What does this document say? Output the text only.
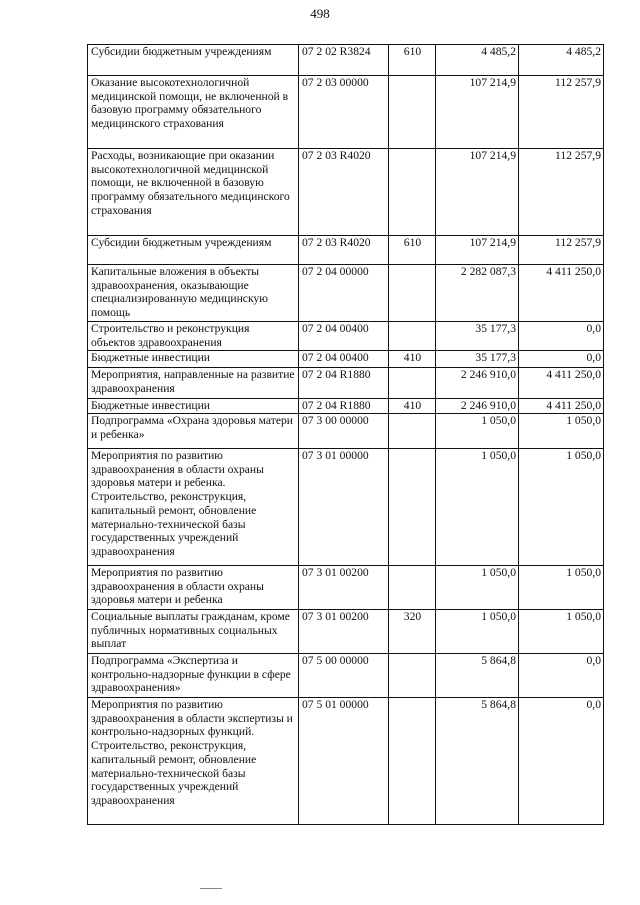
498
Субсидии бюджетным учреждениям	07 2 02 R3824	610	4 485,2	4 485,2
Оказание высокотехнологичной медицинской помощи, не включенной в базовую программу обязательного медицинского страхования	07 2 03 00000		107 214,9	112 257,9
Расходы, возникающие при оказании высокотехнологичной медицинской помощи, не включенной в базовую программу обязательного медицинского страхования	07 2 03 R4020		107 214,9	112 257,9
Субсидии бюджетным учреждениям	07 2 03 R4020	610	107 214,9	112 257,9
Капитальные вложения в объекты здравоохранения, оказывающие специализированную медицинскую помощь	07 2 04 00000		2 282 087,3	4 411 250,0
Строительство и реконструкция объектов здравоохранения	07 2 04 00400		35 177,3	0,0
Бюджетные инвестиции	07 2 04 00400	410	35 177,3	0,0
Мероприятия, направленные на развитие здравоохранения	07 2 04 R1880		2 246 910,0	4 411 250,0
Бюджетные инвестиции	07 2 04 R1880	410	2 246 910,0	4 411 250,0
Подпрограмма «Охрана здоровья матери и ребенка»	07 3 00 00000		1 050,0	1 050,0
Мероприятия по развитию здравоохранения в области охраны здоровья матери и ребенка. Строительство, реконструкция, капитальный ремонт, обновление материально-технической базы государственных учреждений здравоохранения	07 3 01 00000		1 050,0	1 050,0
Мероприятия по развитию здравоохранения в области охраны здоровья матери и ребенка	07 3 01 00200		1 050,0	1 050,0
Социальные выплаты гражданам, кроме публичных нормативных социальных выплат	07 3 01 00200	320	1 050,0	1 050,0
Подпрограмма «Экспертиза и контрольно-надзорные функции в сфере здравоохранения»	07 5 00 00000		5 864,8	0,0
Мероприятия по развитию здравоохранения в области экспертизы и контрольно-надзорных функций. Строительство, реконструкция, капитальный ремонт, обновление материально-технической базы государственных учреждений здравоохранения	07 5 01 00000		5 864,8	0,0
